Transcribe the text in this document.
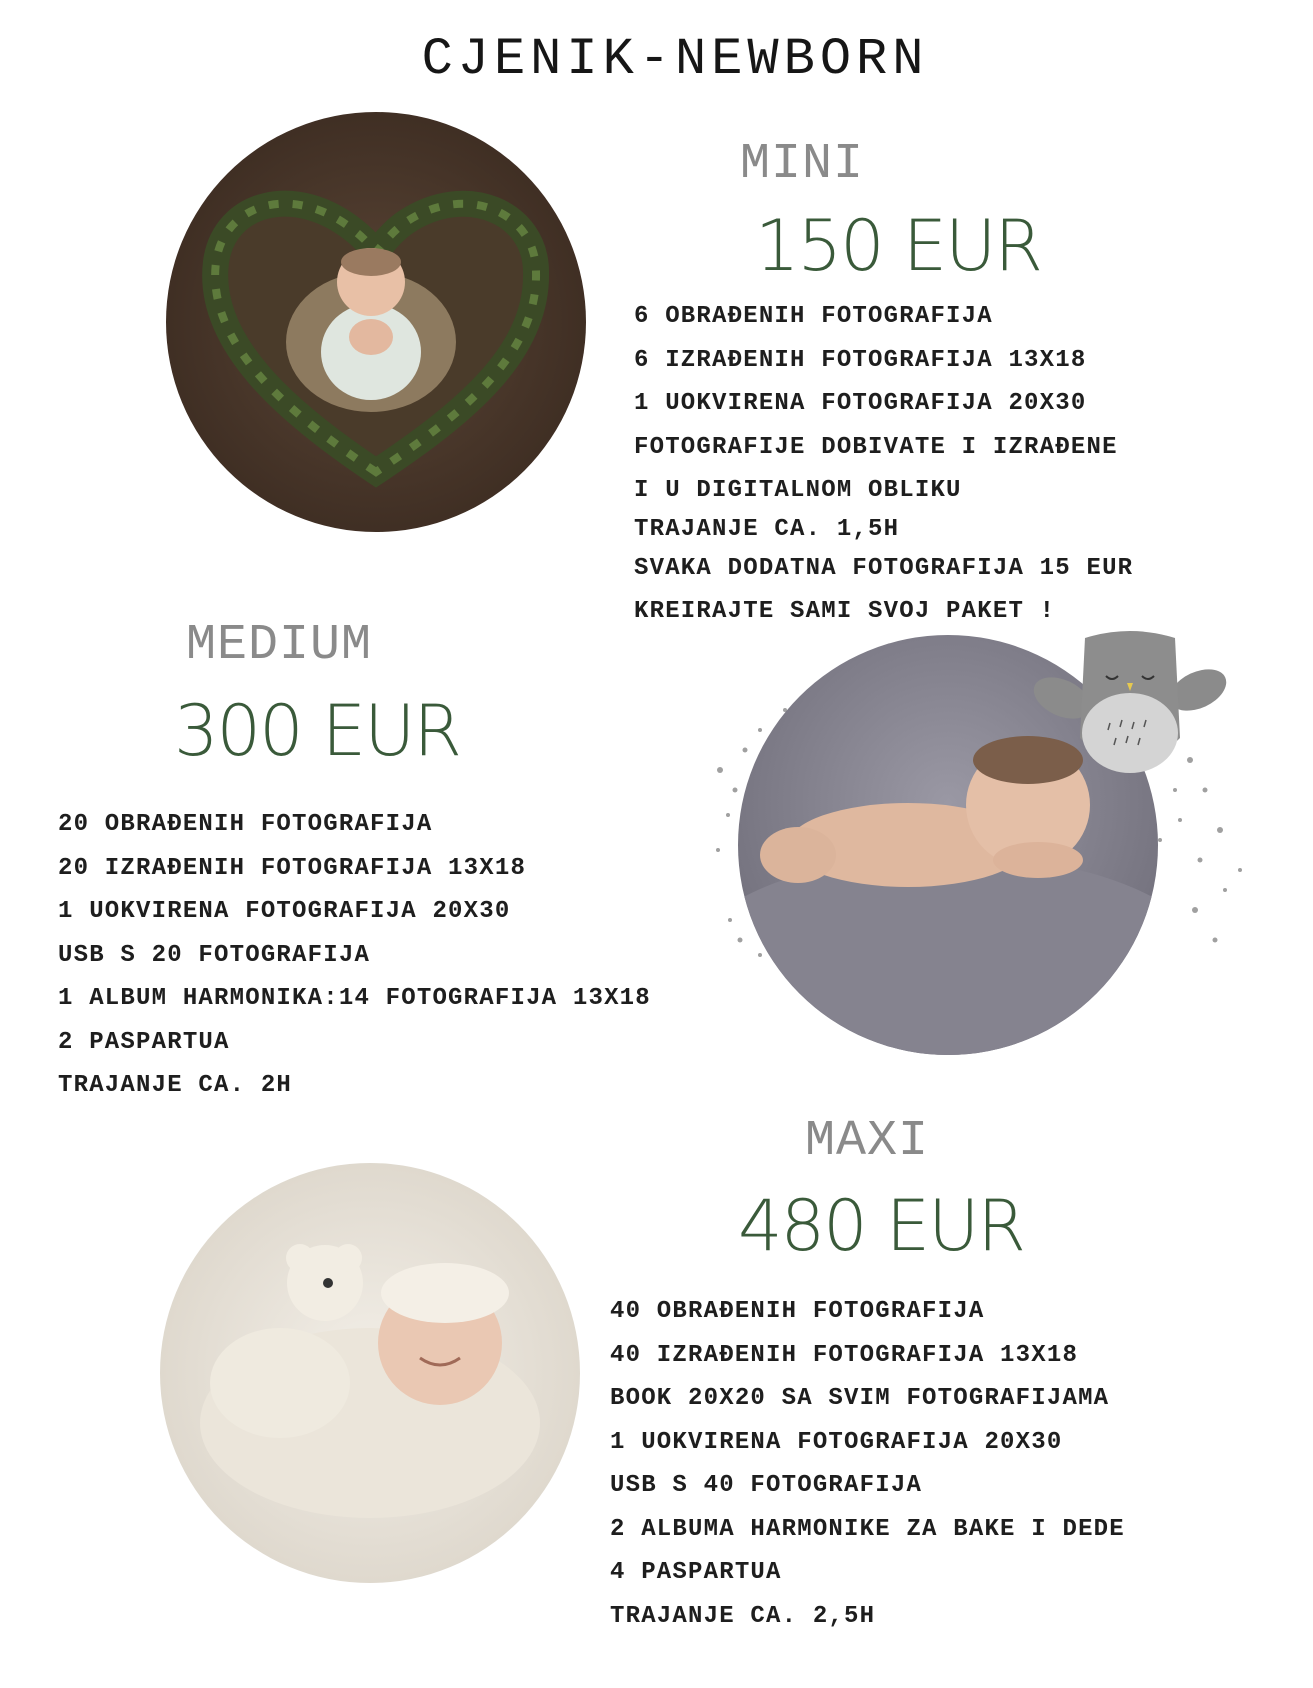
CJENIK-NEWBORN
MINI
150 EUR
6 OBRAĐENIH FOTOGRAFIJA
6 IZRAĐENIH FOTOGRAFIJA 13X18
1 UOKVIRENA FOTOGRAFIJA 20X30
FOTOGRAFIJE DOBIVATE I IZRAĐENE
I U DIGITALNOM OBLIKU
TRAJANJE CA. 1,5H
SVAKA DODATNA FOTOGRAFIJA 15 EUR
KREIRAJTE SAMI SVOJ PAKET !
MEDIUM
300 EUR
20 OBRAĐENIH FOTOGRAFIJA
20 IZRAĐENIH FOTOGRAFIJA 13X18
1 UOKVIRENA FOTOGRAFIJA 20X30
USB S 20 FOTOGRAFIJA
1 ALBUM HARMONIKA:14 FOTOGRAFIJA 13X18
2 PASPARTUA
TRAJANJE CA. 2H
MAXI
480 EUR
40 OBRAĐENIH FOTOGRAFIJA
40 IZRAĐENIH FOTOGRAFIJA 13X18
BOOK 20X20 SA SVIM FOTOGRAFIJAMA
1 UOKVIRENA FOTOGRAFIJA 20X30
USB S 40 FOTOGRAFIJA
2 ALBUMA HARMONIKE ZA BAKE I DEDE
4 PASPARTUA
TRAJANJE CA. 2,5H
